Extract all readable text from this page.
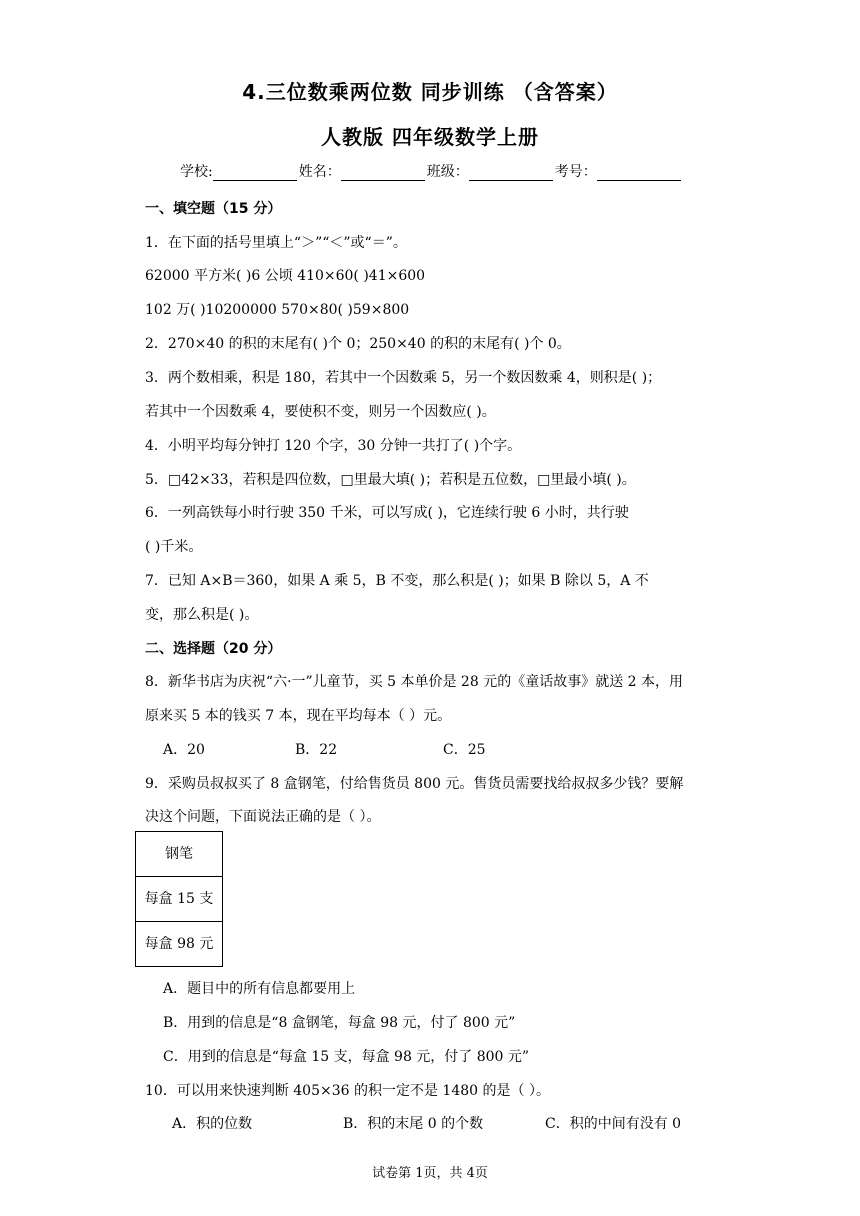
4.三位数乘两位数 同步训练 （含答案）
人教版 四年级数学上册
学校:	姓名：	班级：	考号：
一、填空题（15 分）
1．在下面的括号里填上“＞”“＜”或“＝”。
62000 平方米( )6 公顷 410×60( )41×600
102 万( )10200000 570×80( )59×800
2．270×40 的积的末尾有( )个 0；250×40 的积的末尾有( )个 0。
3．两个数相乘，积是 180，若其中一个因数乘 5，另一个数因数乘 4，则积是( )；
若其中一个因数乘 4，要使积不变，则另一个因数应( )。
4．小明平均每分钟打 120 个字，30 分钟一共打了( )个字。
5．□42×33，若积是四位数，□里最大填( )；若积是五位数，□里最小填( )。
6．一列高铁每小时行驶 350 千米，可以写成( )，它连续行驶 6 小时，共行驶
( )千米。
7．已知 A×B＝360，如果 A 乘 5，B 不变，那么积是( )；如果 B 除以 5，A 不
变，那么积是( )。
二、选择题（20 分）
8．新华书店为庆祝“六·一”儿童节，买 5 本单价是 28 元的《童话故事》就送 2 本，用
原来买 5 本的钱买 7 本，现在平均每本（ ）元。
A．20	B．22	C．25
9．采购员叔叔买了 8 盒钢笔，付给售货员 800 元。售货员需要找给叔叔多少钱？要解
决这个问题，下面说法正确的是（ ）。
钢笔
每盒 15 支
每盒 98 元
A．题目中的所有信息都要用上
B．用到的信息是“8 盒钢笔，每盒 98 元，付了 800 元”
C．用到的信息是“每盒 15 支，每盒 98 元，付了 800 元”
10．可以用来快速判断 405×36 的积一定不是 1480 的是（ ）。
A．积的位数	B．积的末尾 0 的个数	C．积的中间有没有 0
试卷第 1页，共 4页
